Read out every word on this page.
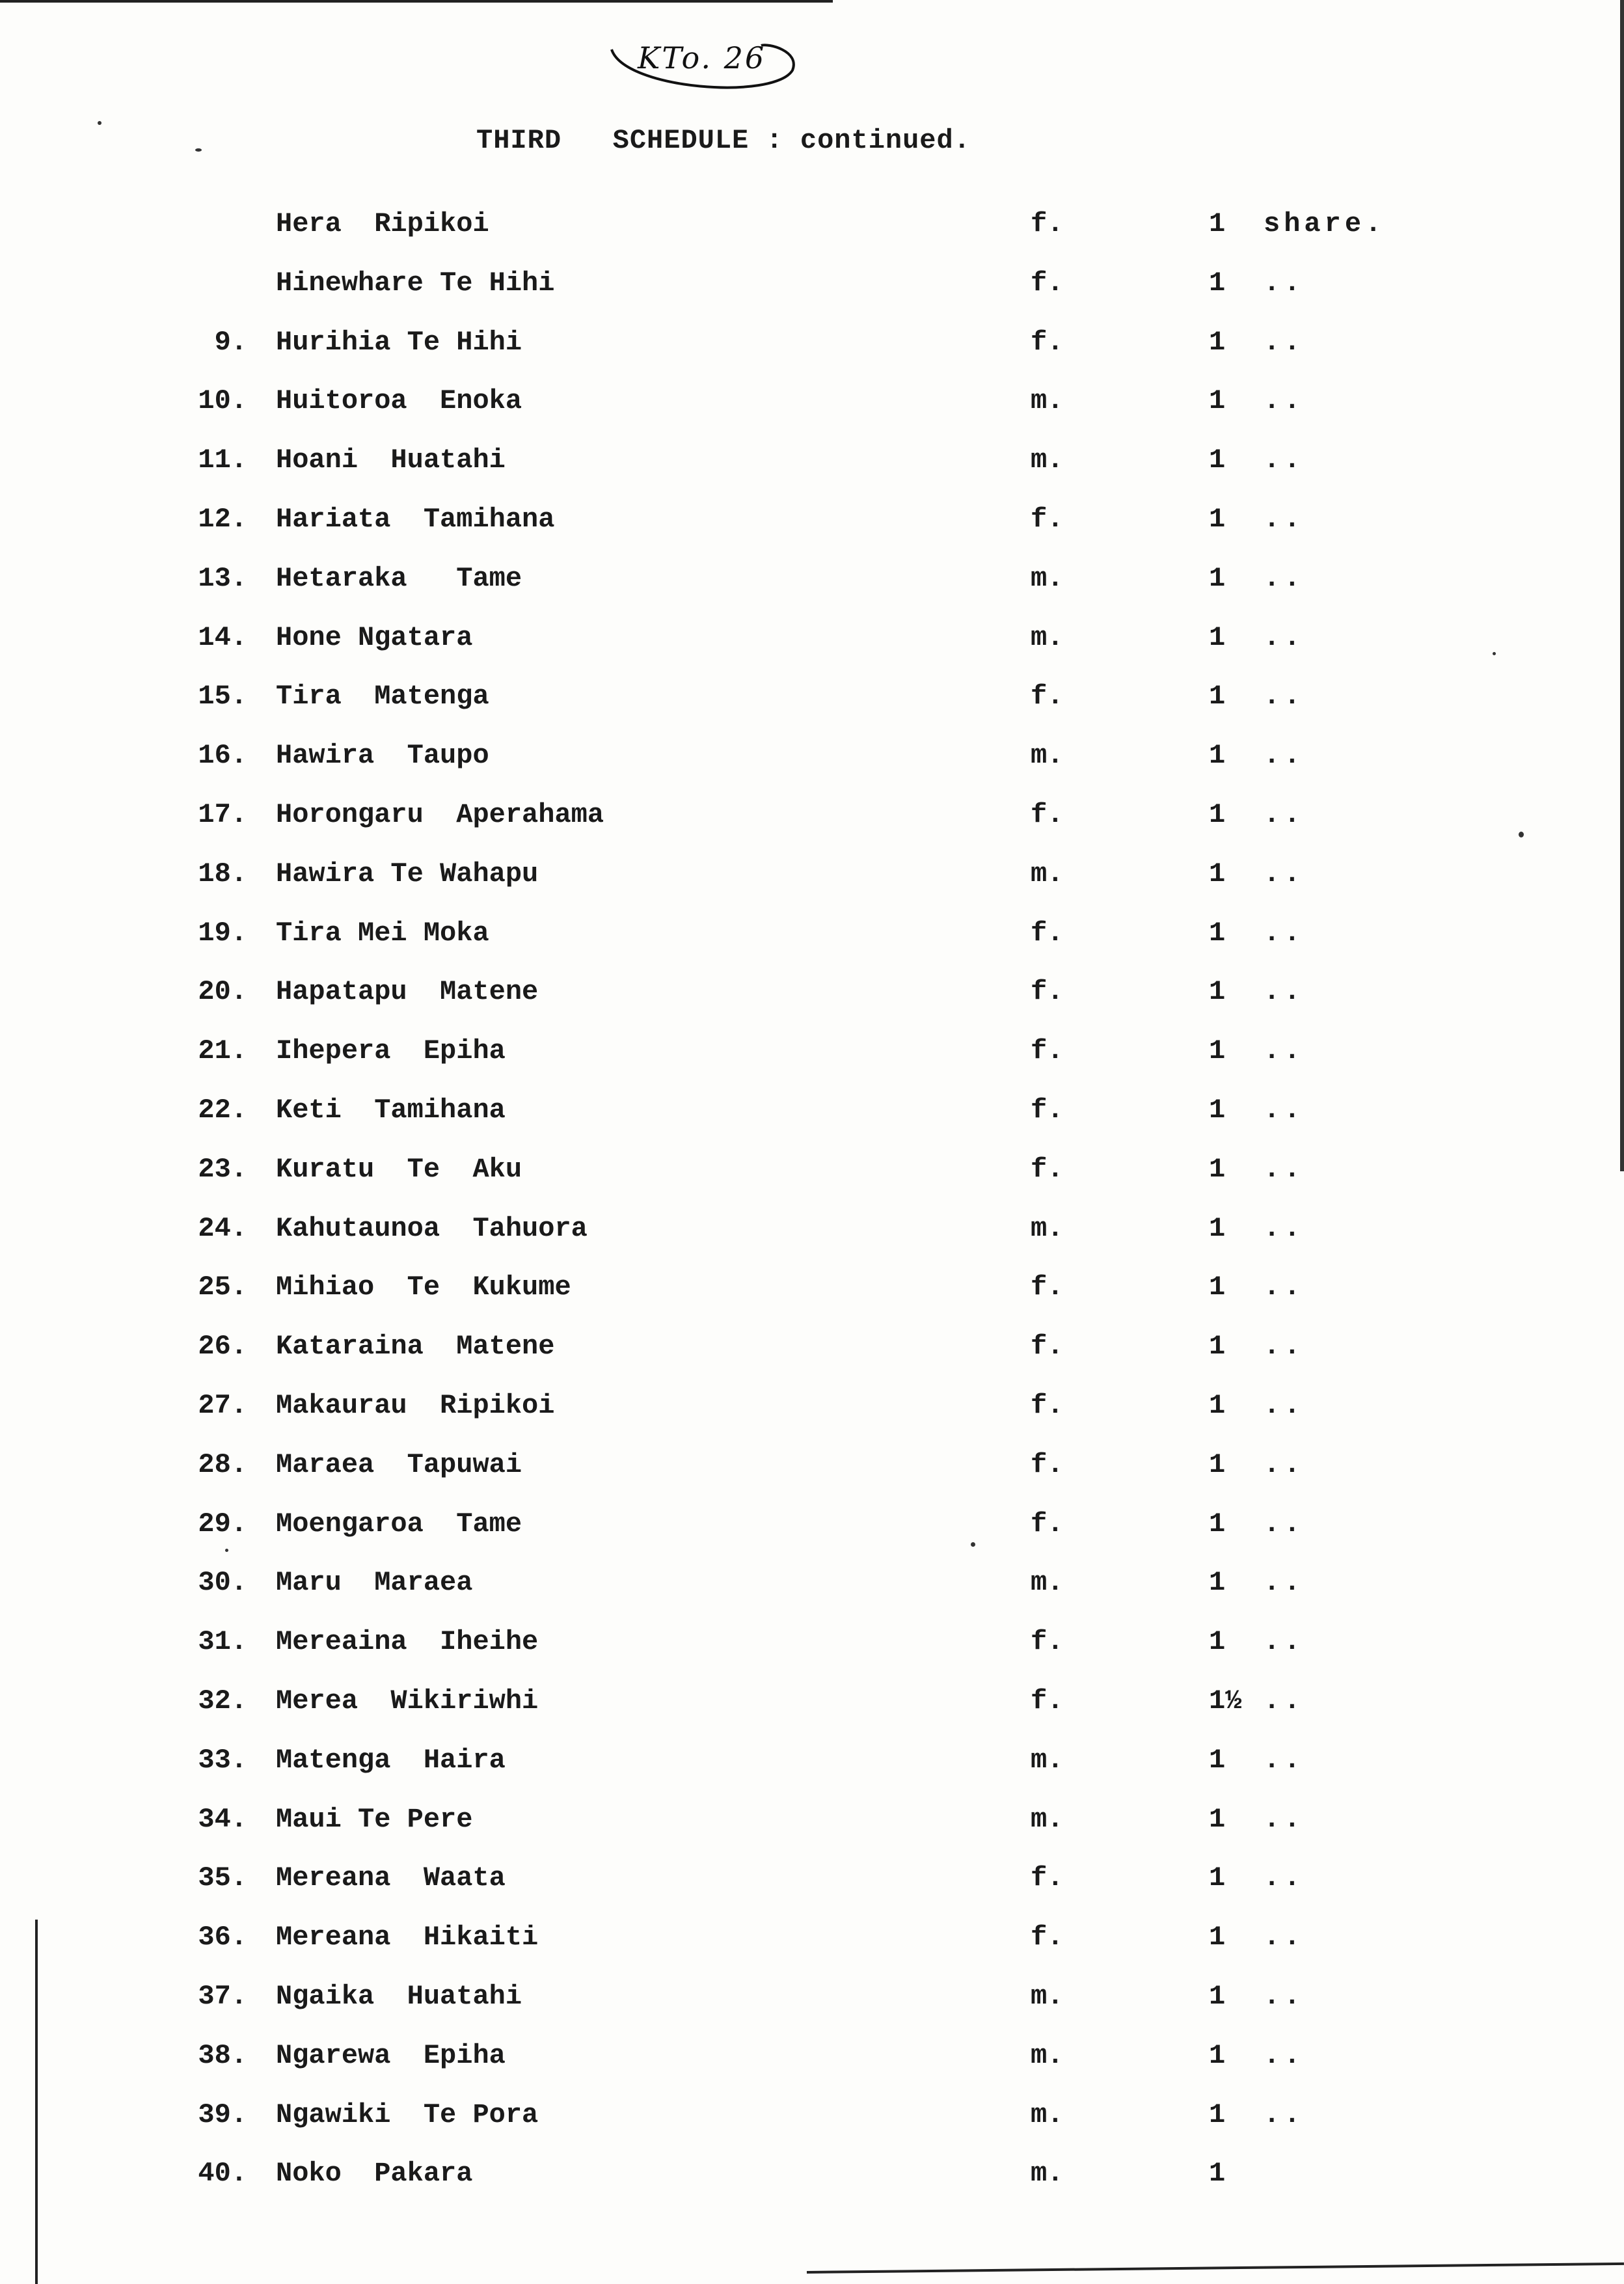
KTo. 26
THIRD   SCHEDULE : continued.
Hera  Ripikoi	f.	1 share.
Hinewhare Te Hihi	f.	1 ..
9. Hurihia Te Hihi	f.	1 ..
10. Huitoroa  Enoka	m.	1 ..
11. Hoani  Huatahi	m.	1 ..
12. Hariata  Tamihana	f.	1 ..
13. Hetaraka   Tame	m.	1 ..
14. Hone Ngatara	m.	1 ..
15. Tira  Matenga	f.	1 ..
16. Hawira  Taupo	m.	1 ..
17. Horongaru  Aperahama	f.	1 ..
18. Hawira Te Wahapu	m.	1 ..
19. Tira Mei Moka	f.	1 ..
20. Hapatapu  Matene	f.	1 ..
21. Ihepera  Epiha	f.	1 ..
22. Keti  Tamihana	f.	1 ..
23. Kuratu  Te  Aku	f.	1 ..
24. Kahutaunoa  Tahuora	m.	1 ..
25. Mihiao  Te  Kukume	f.	1 ..
26. Kataraina  Matene	f.	1 ..
27. Makaurau  Ripikoi	f.	1 ..
28. Maraea  Tapuwai	f.	1 ..
29. Moengaroa  Tame	f.	1 ..
30. Maru  Maraea	m.	1 ..
31. Mereaina  Iheihe	f.	1 ..
32. Merea  Wikiriwhi	f.	1½ ..
33. Matenga  Haira	m.	1 ..
34. Maui Te Pere	m.	1 ..
35. Mereana  Waata	f.	1 ..
36. Mereana  Hikaiti	f.	1 ..
37. Ngaika  Huatahi	m.	1 ..
38. Ngarewa  Epiha	m.	1 ..
39. Ngawiki  Te Pora	m.	1 ..
40. Noko  Pakara	m.	1
